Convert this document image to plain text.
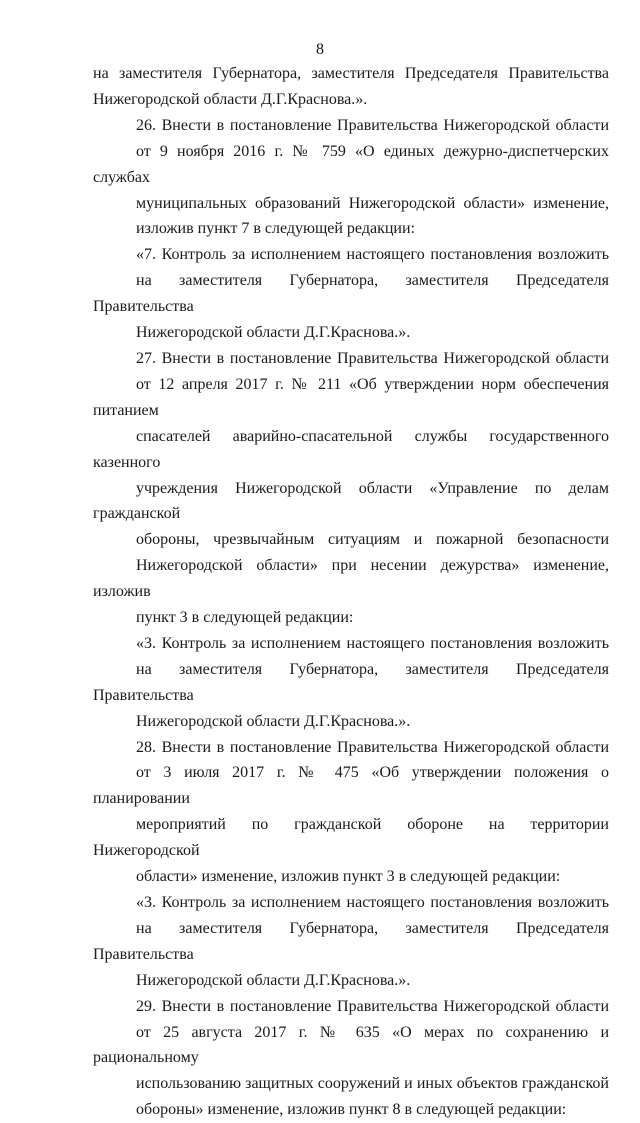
8

на заместителя Губернатора, заместителя Председателя Правительства
Нижегородской области Д.Г.Краснова.».

26. Внести в постановление Правительства Нижегородской области
от 9 ноября 2016 г. № 759 «О единых дежурно-диспетчерских службах
муниципальных образований Нижегородской области» изменение,
изложив пункт 7 в следующей редакции:

«7. Контроль за исполнением настоящего постановления возложить
на заместителя Губернатора, заместителя Председателя Правительства
Нижегородской области Д.Г.Краснова.».

27. Внести в постановление Правительства Нижегородской области
от 12 апреля 2017 г. № 211 «Об утверждении норм обеспечения питанием
спасателей аварийно-спасательной службы государственного казенного
учреждения Нижегородской области «Управление по делам гражданской
обороны, чрезвычайным ситуациям и пожарной безопасности
Нижегородской области» при несении дежурства» изменение, изложив
пункт 3 в следующей редакции:

«3. Контроль за исполнением настоящего постановления возложить
на заместителя Губернатора, заместителя Председателя Правительства
Нижегородской области Д.Г.Краснова.».

28. Внести в постановление Правительства Нижегородской области
от 3 июля 2017 г. № 475 «Об утверждении положения о планировании
мероприятий по гражданской обороне на территории Нижегородской
области» изменение, изложив пункт 3 в следующей редакции:

«3. Контроль за исполнением настоящего постановления возложить
на заместителя Губернатора, заместителя Председателя Правительства
Нижегородской области Д.Г.Краснова.».

29. Внести в постановление Правительства Нижегородской области
от 25 августа 2017 г. № 635 «О мерах по сохранению и рациональному
использованию защитных сооружений и иных объектов гражданской
обороны» изменение, изложив пункт 8 в следующей редакции:
